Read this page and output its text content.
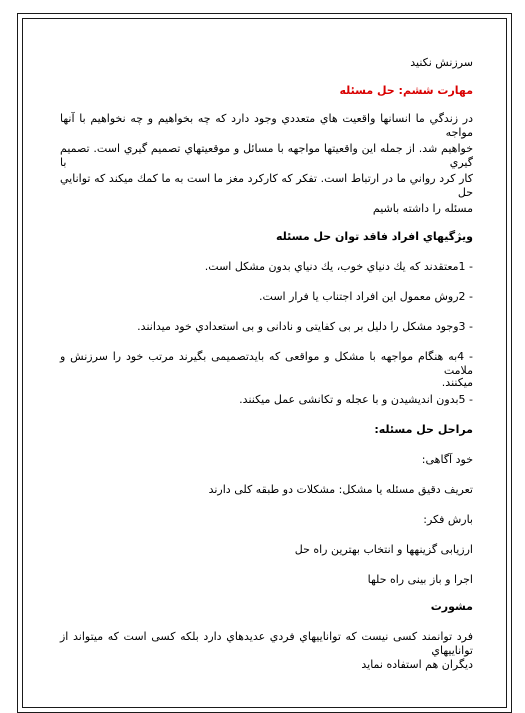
سرزنش نكنيد
مهارت ششم: حل مسئله
در زندگي ما انسانها واقعيت هاي متعددي وجود دارد كه چه بخواهيم و چه نخواهيم با آنها مواجه
خواهيم شد. از جمله اين واقعيتها مواجهه با مسائل و موقعيتهاي تصميم گيري است. تصميم گيري با
كار كرد رواني ما در ارتباط است. تفكر كه كاركرد مغز ما است به ما كمك ميكند كه توانايي حل
مسئله را داشته باشيم
ويژگيهاي افراد فاقد توان حل مسئله
- 1معتقدند كه يك دنياي خوب، يك دنياي بدون مشكل است.
- 2روش معمول اين افراد اجتناب يا فرار است.
- 3وجود مشكل را دليل بر بی كفايتی و نادانی و بی استعدادي خود ميدانند.
- 4به هنگام مواجهه با مشكل و مواقعی كه بايدتصميمی بگيرند مرتب خود را سرزنش و ملامت
ميكنند.
- 5بدون انديشيدن و با عجله و تكانشی عمل ميكنند.
مراحل حل مسئله:
خود آگاهی:
تعريف دقيق مسئله يا مشكل: مشكلات دو طبقه كلی دارند
بارش فكر:
ارزيابی گزينهها و انتخاب بهترين راه حل
اجرا و باز بينی راه حلها
مشورت
فرد توانمند كسی نيست كه تواناييهاي فردي عديدهاي دارد بلكه كسی است كه ميتواند از تواناييهاي
ديگران هم استفاده نمايد
